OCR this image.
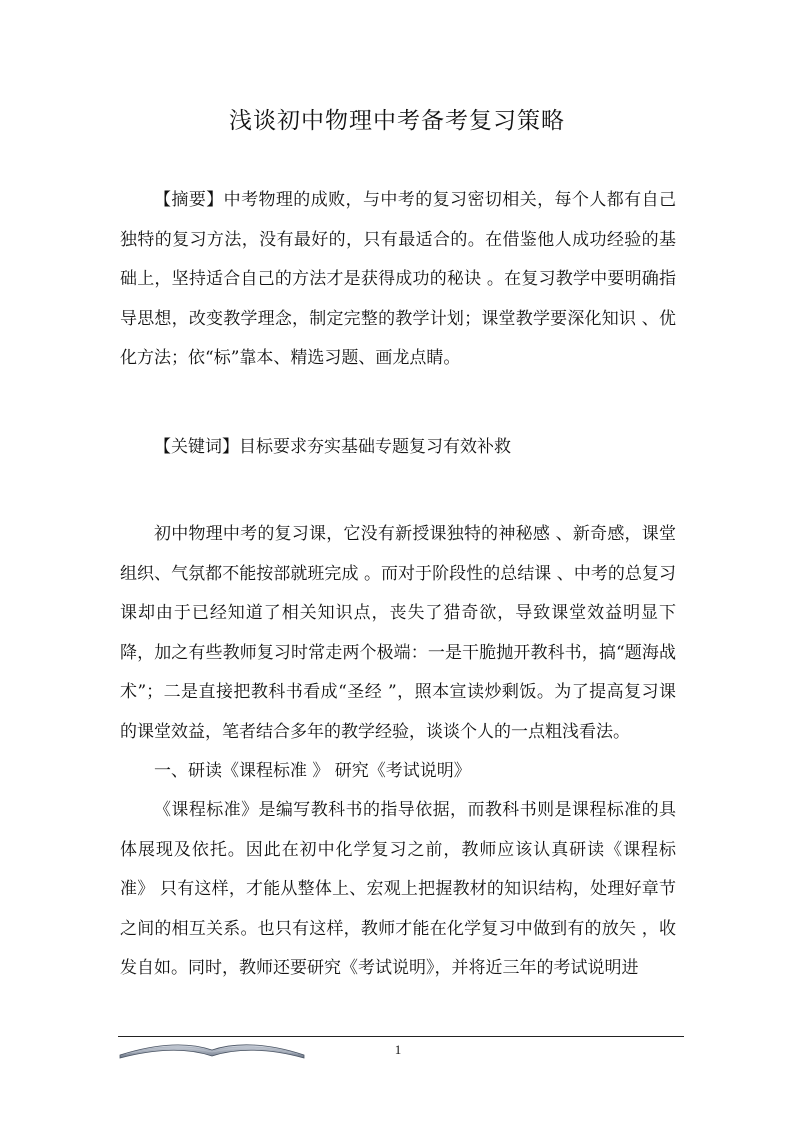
浅谈初中物理中考备考复习策略

【摘要】中考物理的成败，与中考的复习密切相关，每个人都有自己独特的复习方法，没有最好的，只有最适合的。在借鉴他人成功经验的基础上，坚持适合自己的方法才是获得成功的秘诀 。在复习教学中要明确指导思想，改变教学理念，制定完整的教学计划；课堂教学要深化知识 、优化方法；依“标”靠本、精选习题、画龙点睛。

【关键词】目标要求夯实基础专题复习有效补救

初中物理中考的复习课，它没有新授课独特的神秘感 、新奇感，课堂组织、气氛都不能按部就班完成 。而对于阶段性的总结课 、中考的总复习课却由于已经知道了相关知识点，丧失了猎奇欲，导致课堂效益明显下降，加之有些教师复习时常走两个极端：一是干脆抛开教科书，搞“题海战术”；二是直接把教科书看成“圣经 ”，照本宣读炒剩饭。为了提高复习课的课堂效益，笔者结合多年的教学经验，谈谈个人的一点粗浅看法。

一、研读《课程标准 》 研究《考试说明》

《课程标准》是编写教科书的指导依据，而教科书则是课程标准的具体展现及依托。因此在初中化学复习之前，教师应该认真研读《课程标准》 只有这样，才能从整体上、宏观上把握教材的知识结构，处理好章节之间的相互关系。也只有这样，教师才能在化学复习中做到有的放矢 ，收发自如。同时，教师还要研究《考试说明》，并将近三年的考试说明进

1
